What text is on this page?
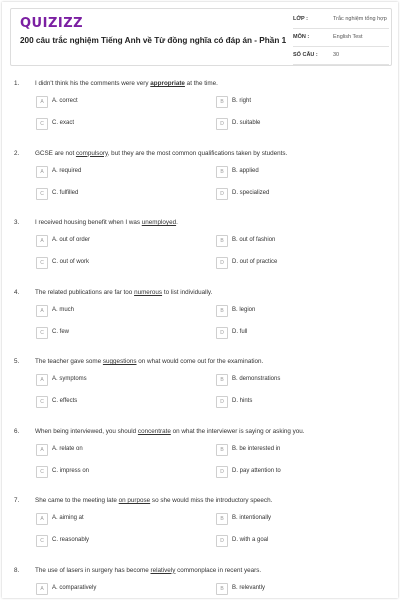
QUIZIZZ
200 câu trắc nghiệm Tiếng Anh về Từ đồng nghĩa có đáp án - Phần 1
LỚP :	Trắc nghiệm tổng hợp
MÔN :	English Test
SỐ CÂU :	30
1. I didn't think his the comments were very appropriate at the time.
A	A. correct	B	B. right
C	C. exact	D	D. suitable
2. GCSE are not compulsory, but they are the most common qualifications taken by students.
A	A. required	B	B. applied
C	C. fulfilled	D	D. specialized
3. I received housing benefit when I was unemployed.
A	A. out of order	B	B. out of fashion
C	C. out of work	D	D. out of practice
4. The related publications are far too numerous to list individually.
A	A. much	B	B. legion
C	C. few	D	D. full
5. The teacher gave some suggestions on what would come out for the examination.
A	A. symptoms	B	B. demonstrations
C	C. effects	D	D. hints
6. When being interviewed, you should concentrate on what the interviewer is saying or asking you.
A	A. relate on	B	B. be interested in
C	C. impress on	D	D. pay attention to
7. She came to the meeting late on purpose so she would miss the introductory speech.
A	A. aiming at	B	B. intentionally
C	C. reasonably	D	D. with a goal
8. The use of lasers in surgery has become relatively commonplace in recent years.
A	A. comparatively	B	B. relevantly
